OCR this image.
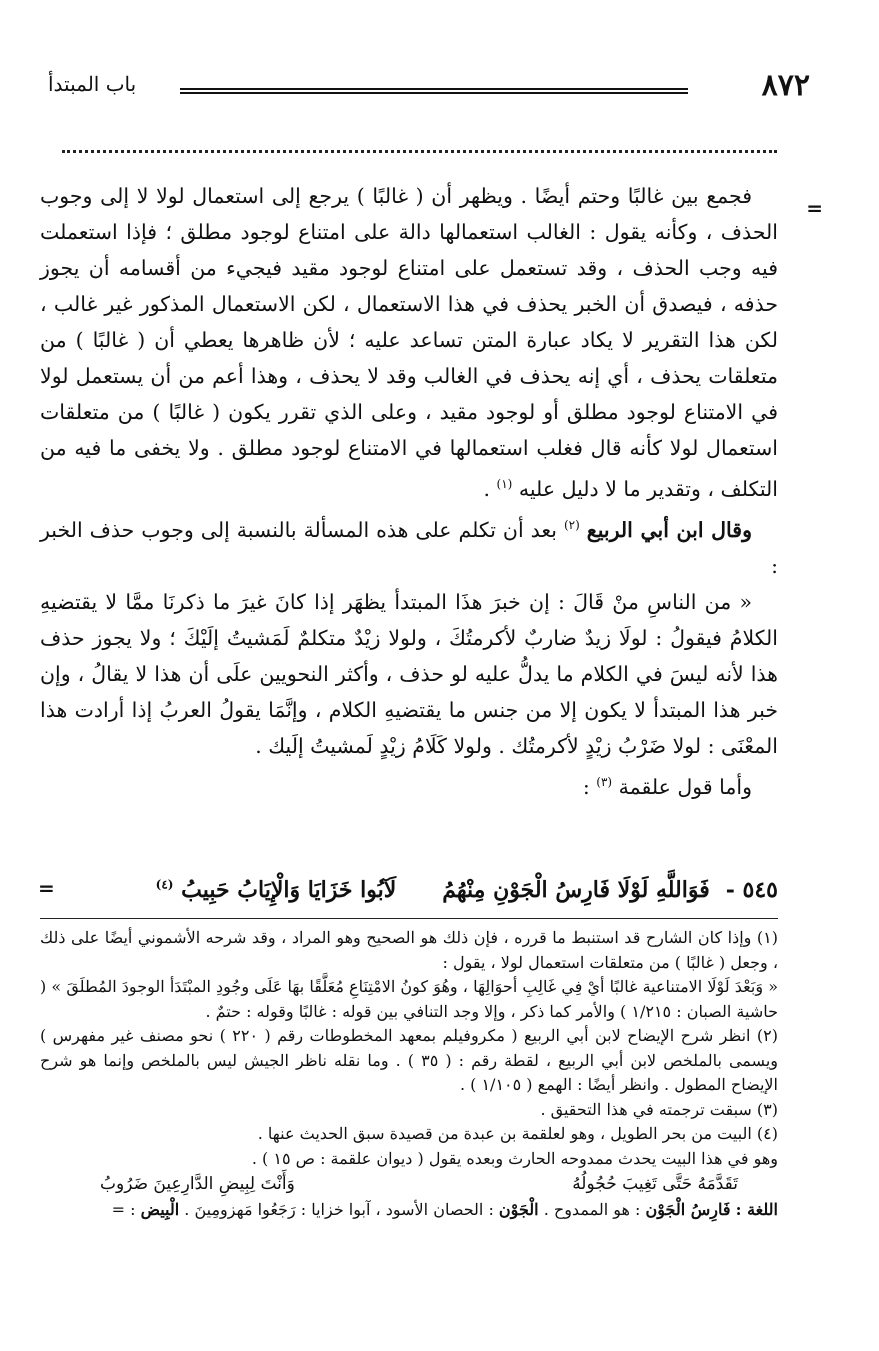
٨٧٢
باب المبتدأ
=

فجمع بين غالبًا وحتم أيضًا . ويظهر أن ( غالبًا ) يرجع إلى استعمال لولا لا إلى وجوب الحذف ، وكأنه يقول : الغالب استعمالها دالة على امتناع لوجود مطلق ؛ فإذا استعملت فيه وجب الحذف ، وقد تستعمل على امتناع لوجود مقيد فيجيء من أقسامه أن يجوز حذفه ، فيصدق أن الخبر يحذف في هذا الاستعمال ، لكن الاستعمال المذكور غير غالب ، لكن هذا التقرير لا يكاد عبارة المتن تساعد عليه ؛ لأن ظاهرها يعطي أن ( غالبًا ) من متعلقات يحذف ، أي إنه يحذف في الغالب وقد لا يحذف ، وهذا أعم من أن يستعمل لولا في الامتناع لوجود مطلق أو لوجود مقيد ، وعلى الذي تقرر يكون ( غالبًا ) من متعلقات استعمال لولا كأنه قال فغلب استعمالها في الامتناع لوجود مطلق . ولا يخفى ما فيه من التكلف ، وتقدير ما لا دليل عليه $^{(١)}$ .

وقال ابن أبي الربيع $^{(٢)}$ بعد أن تكلم على هذه المسألة بالنسبة إلى وجوب حذف الخبر :

« من الناسِ منْ قَالَ : إن خبرَ هذَا المبتدأ يظهَر إذا كانَ غيرَ ما ذكرنَا ممَّا لا يقتضيهِ الكلامُ فيقولُ : لولَا زيدٌ ضاربٌ لأكرمتُكَ ، ولولا زيْدٌ متكلمٌ لَمَشيتُ إلَيْكَ ؛ ولا يجوز حذف هذا لأنه ليسَ في الكلام ما يدلُّ عليه لو حذف ، وأكثر النحويين علَى أن هذا لا يقالُ ، وإن خبر هذا المبتدأ لا يكون إلا من جنس ما يقتضيهِ الكلام ، وإنَّمَا يقولُ العربُ إذا أرادت هذا المعْنَى : لولا ضَرْبُ زيْدٍ لأكرمتُك . ولولا كَلَامُ زيْدٍ لَمشيتُ إلَيك .

وأما قول علقمة $^{(٣)}$ :

٥٤٥ -
فَوَاللَّهِ لَوْلَا فَارِسُ الْجَوْنِ مِنْهُمُ
لَآبُوا خَزَايَا وَالْإِيَابُ حَبِيبُ $^{(٤)}$
=

(١) وإذا كان الشارح قد استنبط ما قرره ، فإن ذلك هو الصحيح وهو المراد ، وقد شرحه الأشموني أيضًا على ذلك ، وجعل ( غالبًا ) من متعلقات استعمال لولا ، يقول :

« وَبَعْدَ لَوْلَا الامتناعية غالبًا أيْ فِي غَالِبِ أحوَالِهَا ، وهُوَ كونُ الامْتِنَاعِ مُعَلَّقًا بهَا عَلَى وجُودِ المبْتَدَأ الوجودَ المُطلَقَ » ( حاشية الصبان : ١/٢١٥ ) والأمر كما ذكر ، وإلا وجد التنافي بين قوله : غالبًا وقوله : حتمٌ .

(٢) انظر شرح الإيضاح لابن أبي الربيع ( مكروفيلم بمعهد المخطوطات رقم ( ٢٢٠ ) نحو مصنف غير مفهرس ) ويسمى بالملخص لابن أبي الربيع ، لقطة رقم : ( ٣٥ ) . وما نقله ناظر الجيش ليس بالملخص وإنما هو شرح الإيضاح المطول . وانظر أيضًا : الهمع ( ١/١٠٥ ) .

(٣) سبقت ترجمته في هذا التحقيق .

(٤) البيت من بحر الطويل ، وهو لعلقمة بن عبدة من قصيدة سبق الحديث عنها .

وهو في هذا البيت يحدث ممدوحه الحارث وبعده يقول ( ديوان علقمة : ص ١٥ ) .

تَقَدَّمَهُ حَتَّى تَغِيبَ حُجُولُهُ
وَأَنْتَ لِبِيضِ الدَّارِعِينَ ضَرُوبُ

اللغة : فَارِسُ الْجَوْن : هو الممدوح . الْجَوْن : الحصان الأسود ، آبوا خزايا : رَجَعُوا مَهزومِينَ . الْبِيض : =
